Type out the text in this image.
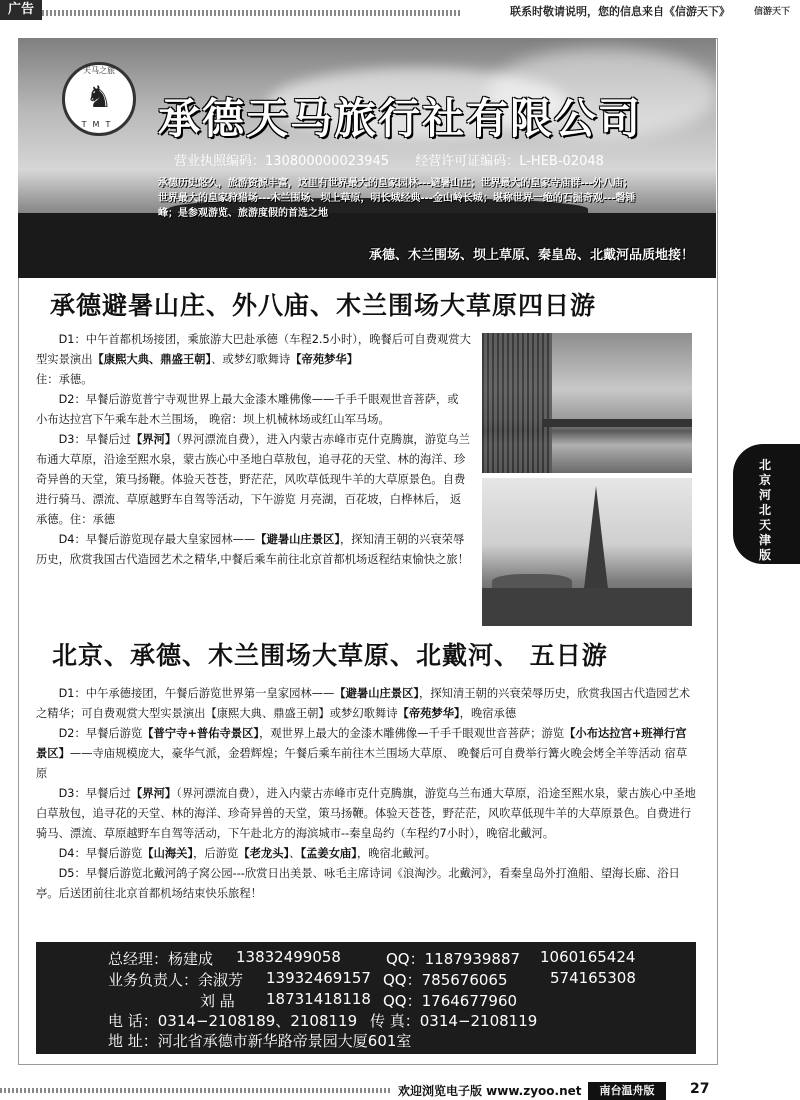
广告	联系时敬请说明，您的信息来自《信游天下》	信游天下
天马之旅
♞
TMT 承德天马旅行社有限公司
营业执照编码：130800000023945 经营许可证编码：L-HEB-02048
承德历史悠久，旅游资源丰富，这里有世界最大的皇家园林---避暑山庄；世界最大的皇家寺庙群---外八庙；世界最大的皇家狩猎场---木兰围场、坝上草原，明长城经典---金山岭长城；堪称世界一绝的石掘奇观---磬锤峰；是参观游览、旅游度假的首选之地
承德、木兰围场、坝上草原、秦皇岛、北戴河品质地接！
承德避暑山庄、外八庙、木兰围场大草原四日游

D1：中午首都机场接团，乘旅游大巴赴承德（车程2.5小时），晚餐后可自费观赏大型实景演出【康熙大典、鼎盛王朝】、或梦幻歌舞诗【帝苑梦华】
住：承德。

D2：早餐后游览普宁寺观世界上最大金漆木雕佛像——千手千眼观世音菩萨，或 小布达拉宫下午乘车赴木兰围场， 晚宿：坝上机械林场或红山军马场。

D3：早餐后过【界河】（界河漂流自费），进入内蒙古赤峰市克什克腾旗，游览乌兰布通大草原，沿途至熙水泉，蒙古族心中圣地白草敖包，追寻花的天堂、林的海洋、珍奇异兽的天堂，策马扬鞭。体验天苍苍，野茫茫，风吹草低现牛羊的大草原景色。自费进行骑马、漂流、草原越野车自驾等活动，下午游览 月亮湖，百花坡，白桦林后， 返承德。住：承德

D4：早餐后游览现存最大皇家园林——【避暑山庄景区】，探知清王朝的兴衰荣辱历史，欣赏我国古代造园艺术之精华,中餐后乘车前往北京首都机场返程结束愉快之旅！

北京河北天津版
北京、承德、木兰围场大草原、北戴河、 五日游

D1：中午承德接团，午餐后游览世界第一皇家园林——【避暑山庄景区】，探知清王朝的兴衰荣辱历史，欣赏我国古代造园艺术之精华；可自费观赏大型实景演出【康熙大典、鼎盛王朝】或梦幻歌舞诗【帝苑梦华】，晚宿承德

D2：早餐后游览【普宁寺+普佑寺景区】，观世界上最大的金漆木雕佛像—千手千眼观世音菩萨；游览【小布达拉宫+班禅行宫景区】——寺庙规模庞大，豪华气派，金碧辉煌；午餐后乘车前往木兰围场大草原、 晚餐后可自费举行篝火晚会烤全羊等活动 宿草原

D3：早餐后过【界河】（界河漂流自费），进入内蒙古赤峰市克什克腾旗，游览乌兰布通大草原，沿途至熙水泉，蒙古族心中圣地白草敖包，追寻花的天堂、林的海洋、珍奇异兽的天堂，策马扬鞭。体验天苍苍，野茫茫，风吹草低现牛羊的大草原景色。自费进行骑马、漂流、草原越野车自驾等活动，下午赴北方的海滨城市--秦皇岛约（车程约7小时），晚宿北戴河。

D4：早餐后游览【山海关】，后游览【老龙头】、【孟姜女庙】，晚宿北戴河。

D5：早餐后游览北戴河鸽子窝公园---欣赏日出美景、咏毛主席诗词《浪淘沙。北戴河》，看秦皇岛外打渔船、望海长廊、浴日亭。后送团前往北京首都机场结束快乐旅程！

总经理：杨建成 13832499058	QQ：1187939887 1060165424
业务负责人：余淑芳 13932469157 QQ：785676065	574165308
刘 晶 18731418118 QQ：1764677960
电 话：0314−2108189、2108119 传 真：0314−2108119
地 址：河北省承德市新华路帝景园大厦601室
欢迎浏览电子版 www.zyoo.net	南台温舟版	27
